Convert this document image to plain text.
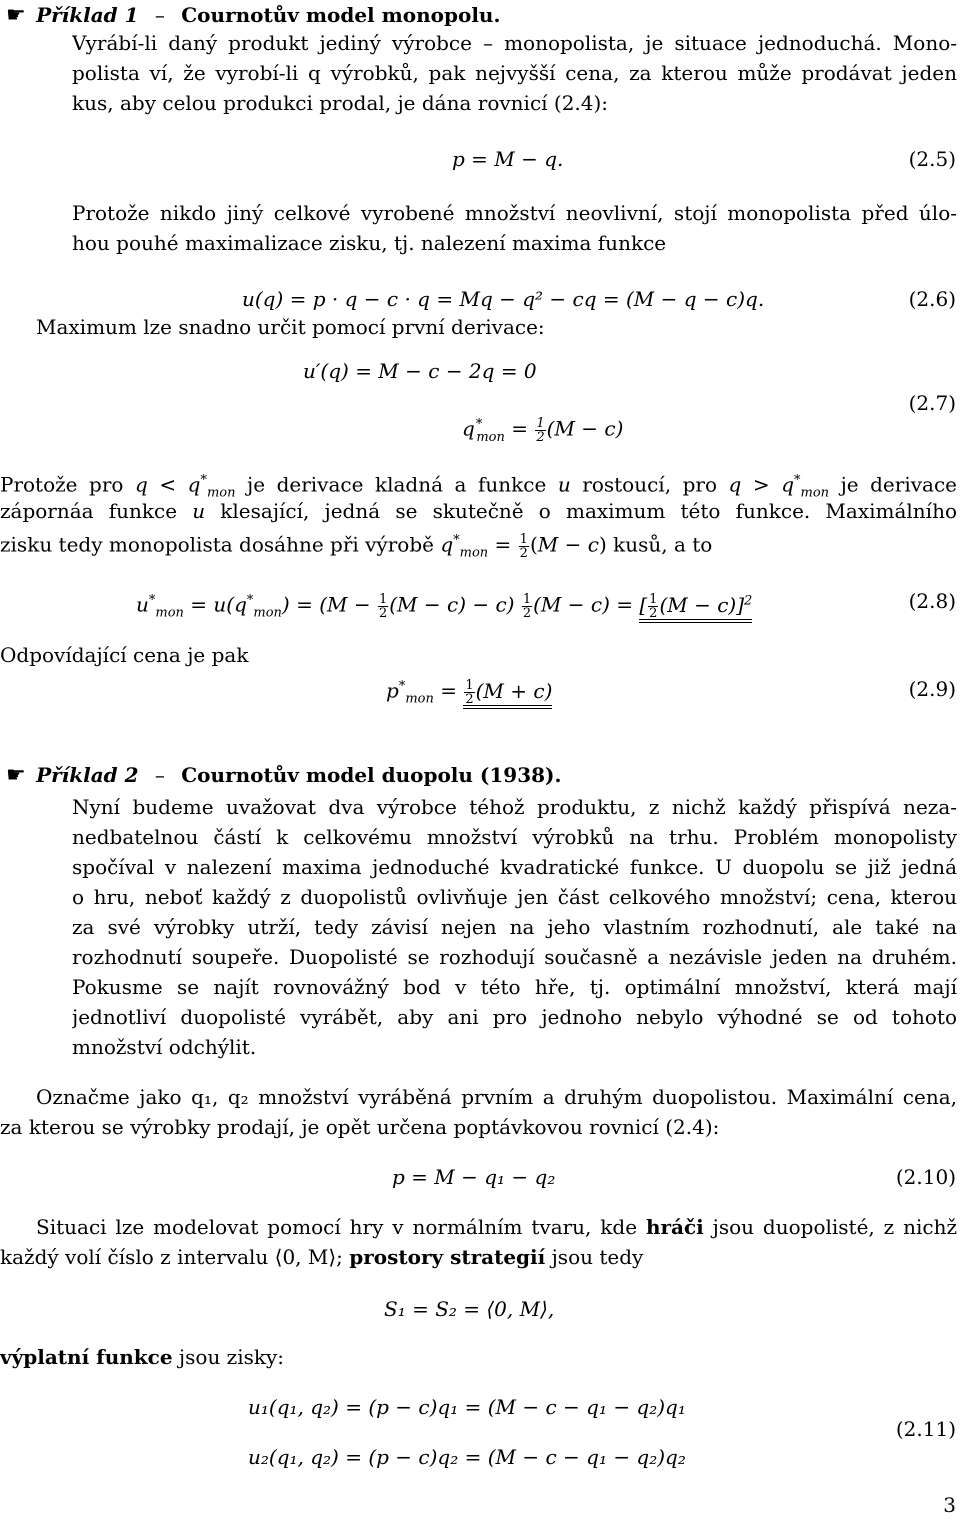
☛ Příklad 1 – Cournotův model monopolu.
Vyrábí-li daný produkt jediný výrobce – monopolista, je situace jednoduchá. Mono-
polista ví, že vyrobí-li q výrobků, pak nejvyšší cena, za kterou může prodávat jeden
kus, aby celou produkci prodal, je dána rovnicí (2.4):
p = M − q.	(2.5)
Protože nikdo jiný celkové vyrobené množství neovlivní, stojí monopolista před úlo-
hou pouhé maximalizace zisku, tj. nalezení maxima funkce
u(q) = p · q − c · q = Mq − q² − cq = (M − q − c)q.	(2.6)
Maximum lze snadno určit pomocí první derivace:
u′(q) = M − c − 2q = 0
$q^*_{mon} = \frac{1}{2} (M - c)$
(2.7)
Protože pro $q < q^*_{mon}$ je derivace kladná a funkce u rostoucí, pro $q > q^*_{mon}$ je derivace
zápornáa funkce u klesající, jedná se skutečně o maximum této funkce. Maximálního
zisku tedy monopolista dosáhne při výrobě $q^*_{mon} = \frac{1}{2} (M - c)$ kusů, a to
$u^*_{mon} = u(q^*_{mon}) = (M - \frac{1}{2} (M - c) - c) \frac{1}{2} (M - c)$ = [ $\frac{1}{2} (M - c)]^2$	(2.8)
Odpovídající cena je pak
$p^*_{mon} = \frac{1}{2} (M + c)$	(2.9)
☛ Příklad 2 – Cournotův model duopolu (1938).
Nyní budeme uvažovat dva výrobce téhož produktu, z nichž každý přispívá neza-
nedbatelnou částí k celkovému množství výrobků na trhu. Problém monopolisty
spočíval v nalezení maxima jednoduché kvadratické funkce. U duopolu se již jedná
o hru, neboť každý z duopolistů ovlivňuje jen část celkového množství; cena, kterou
za své výrobky utrží, tedy závisí nejen na jeho vlastním rozhodnutí, ale také na
rozhodnutí soupeře. Duopolisté se rozhodují současně a nezávisle jeden na druhém.
Pokusme se najít rovnovážný bod v této hře, tj. optimální množství, která mají
jednotliví duopolisté vyrábět, aby ani pro jednoho nebylo výhodné se od tohoto
množství odchýlit.
Označme jako q₁, q₂ množství vyráběná prvním a druhým duopolistou. Maximální cena,
za kterou se výrobky prodají, je opět určena poptávkovou rovnicí (2.4):
p = M − q₁ − q₂	(2.10)
Situaci lze modelovat pomocí hry v normálním tvaru, kde hráči jsou duopolisté, z nichž
každý volí číslo z intervalu ⟨0, M⟩; prostory strategií jsou tedy
S₁ = S₂ = ⟨0, M⟩,
výplatní funkce jsou zisky:
u₁(q₁, q₂) = (p − c)q₁ = (M − c − q₁ − q₂)q₁
u₂(q₁, q₂) = (p − c)q₂ = (M − c − q₁ − q₂)q₂
(2.11)
3
